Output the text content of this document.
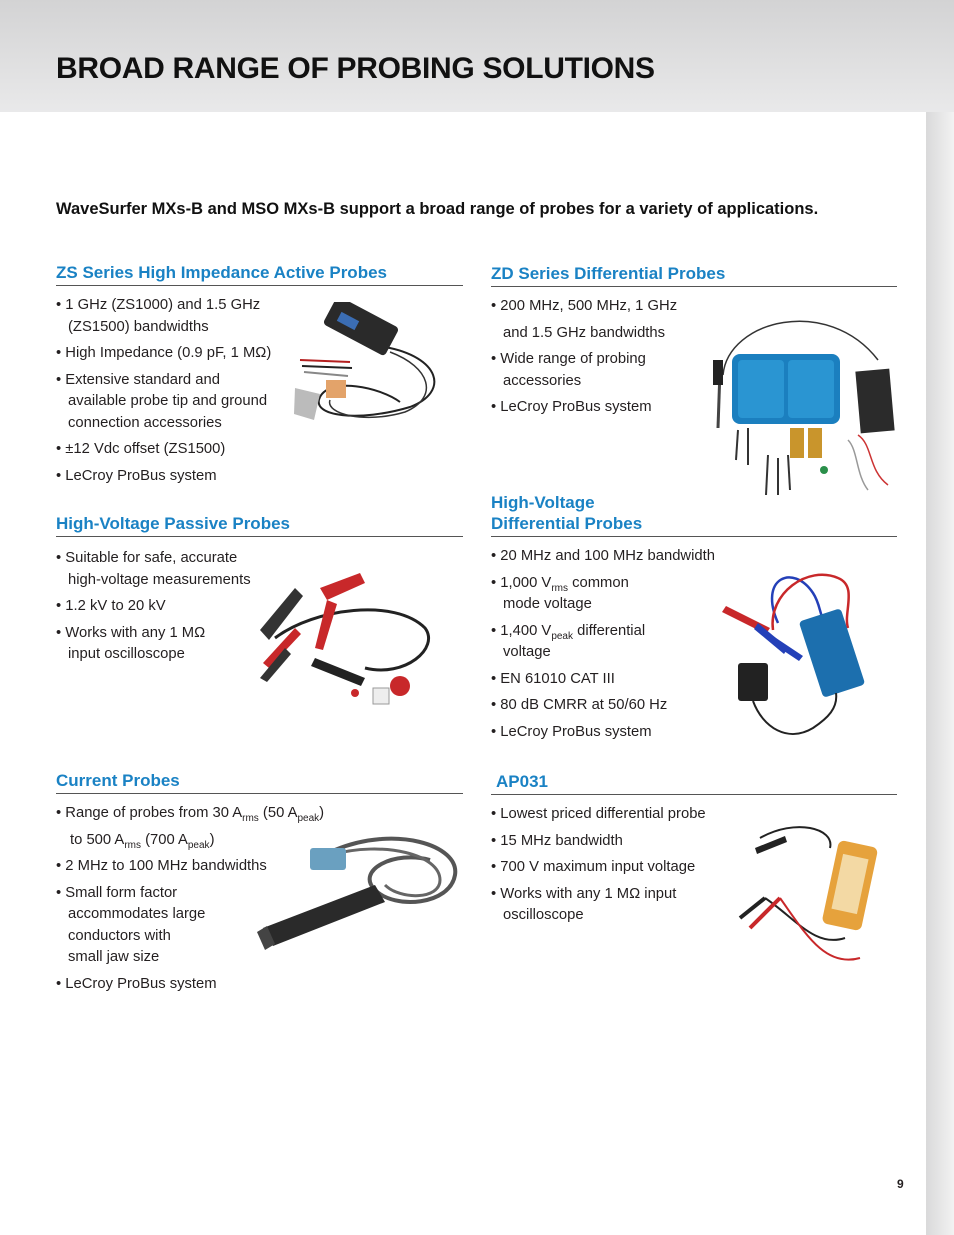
BROAD RANGE OF PROBING SOLUTIONS

WaveSurfer MXs-B and MSO MXs-B support a broad range of probes for a variety of applications.

ZS Series High Impedance Active Probes
• 1 GHz (ZS1000) and 1.5 GHz
(ZS1500) bandwidths
• High Impedance (0.9 pF, 1 MΩ)
• Extensive standard and
available probe tip and ground
connection accessories
• ±12 Vdc offset (ZS1500)
• LeCroy ProBus system
ZD Series Differential Probes
• 200 MHz, 500 MHz, 1 GHz
and 1.5 GHz bandwidths
• Wide range of probing
accessories
• LeCroy ProBus system
High-Voltage Passive Probes
• Suitable for safe, accurate
high-voltage measurements
• 1.2 kV to 20 kV
• Works with any 1 MΩ
input oscilloscope
High-Voltage
Differential Probes
• 20 MHz and 100 MHz bandwidth
• 1,000 $V_{rms}$ common
mode voltage
• 1,400 $V_{peak}$ differential
voltage
• EN 61010 CAT III
• 80 dB CMRR at 50/60 Hz
• LeCroy ProBus system
Current Probes
• Range of probes from 30 $A_{rms}$ (50 $A_{peak}$)
to 500 $A_{rms}$ (700 $A_{peak}$)
• 2 MHz to 100 MHz bandwidths
• Small form factor
accommodates large
conductors with
small jaw size
• LeCroy ProBus system
AP031
• Lowest priced differential probe
• 15 MHz bandwidth
• 700 V maximum input voltage
• Works with any 1 MΩ input
oscilloscope
9
